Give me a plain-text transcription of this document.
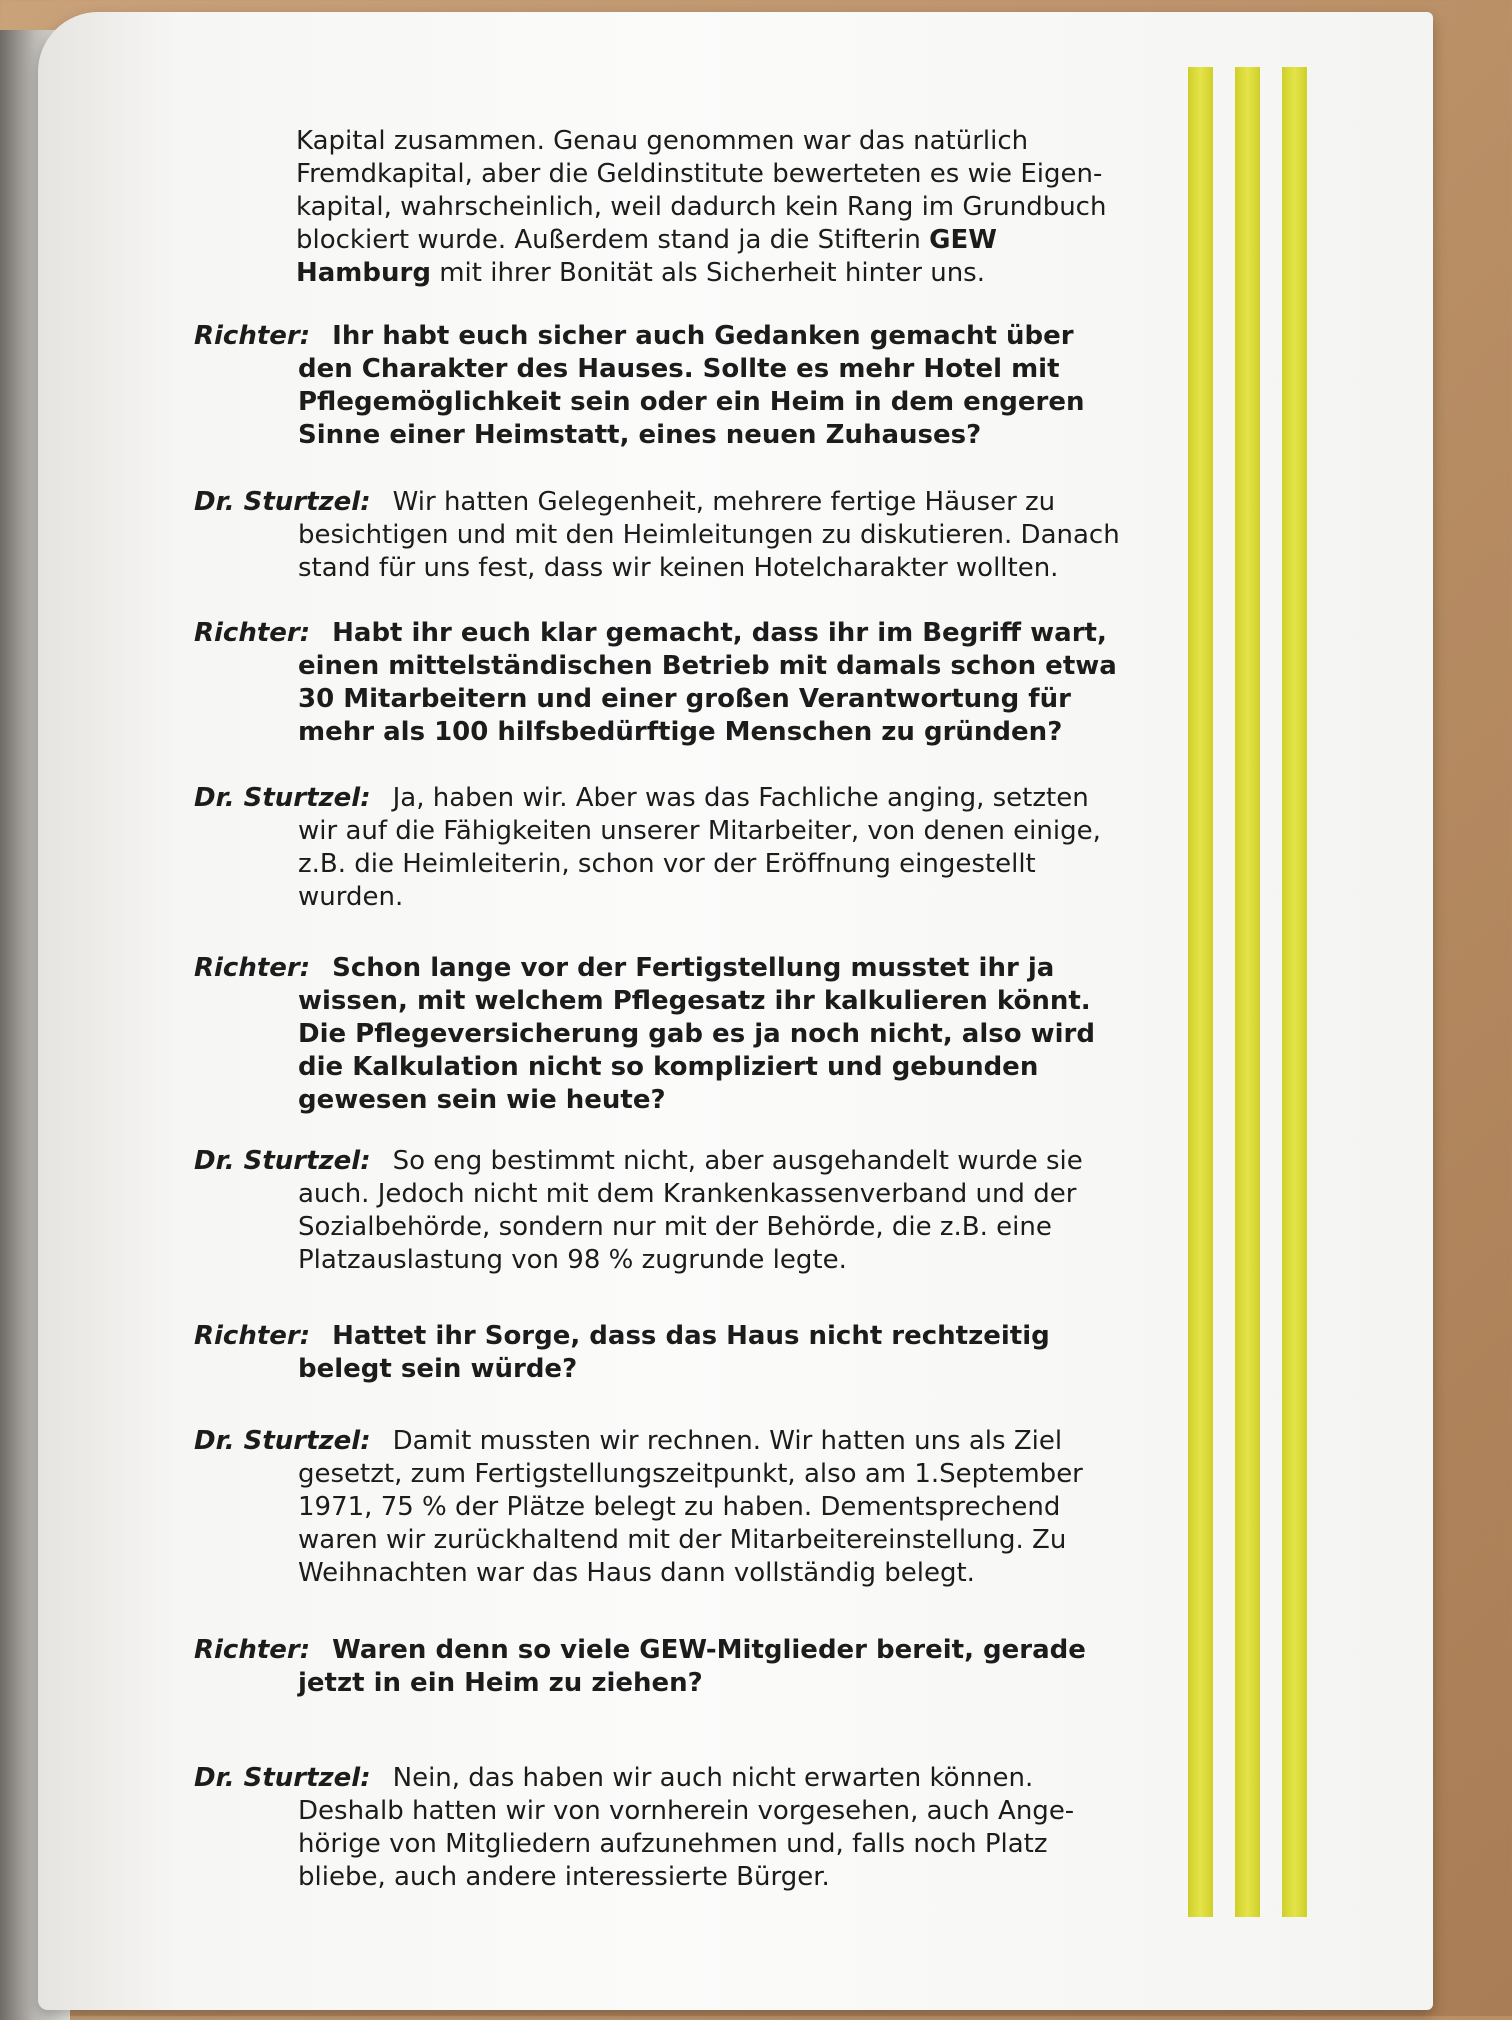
Kapital zusammen. Genau genommen war das natürlich
Fremdkapital, aber die Geldinstitute bewerteten es wie Eigen-
kapital, wahrscheinlich, weil dadurch kein Rang im Grundbuch
blockiert wurde. Außerdem stand ja die Stifterin GEW
Hamburg mit ihrer Bonität als Sicherheit hinter uns.
Richter: Ihr habt euch sicher auch Gedanken gemacht über
den Charakter des Hauses. Sollte es mehr Hotel mit
Pflegemöglichkeit sein oder ein Heim in dem engeren
Sinne einer Heimstatt, eines neuen Zuhauses?
Dr. Sturtzel: Wir hatten Gelegenheit, mehrere fertige Häuser zu
besichtigen und mit den Heimleitungen zu diskutieren. Danach
stand für uns fest, dass wir keinen Hotelcharakter wollten.
Richter: Habt ihr euch klar gemacht, dass ihr im Begriff wart,
einen mittelständischen Betrieb mit damals schon etwa
30 Mitarbeitern und einer großen Verantwortung für
mehr als 100 hilfsbedürftige Menschen zu gründen?
Dr. Sturtzel: Ja, haben wir. Aber was das Fachliche anging, setzten
wir auf die Fähigkeiten unserer Mitarbeiter, von denen einige,
z.B. die Heimleiterin, schon vor der Eröffnung eingestellt
wurden.
Richter: Schon lange vor der Fertigstellung musstet ihr ja
wissen, mit welchem Pflegesatz ihr kalkulieren könnt.
Die Pflegeversicherung gab es ja noch nicht, also wird
die Kalkulation nicht so kompliziert und gebunden
gewesen sein wie heute?
Dr. Sturtzel: So eng bestimmt nicht, aber ausgehandelt wurde sie
auch. Jedoch nicht mit dem Krankenkassenverband und der
Sozialbehörde, sondern nur mit der Behörde, die z.B. eine
Platzauslastung von 98 % zugrunde legte.
Richter: Hattet ihr Sorge, dass das Haus nicht rechtzeitig
belegt sein würde?
Dr. Sturtzel: Damit mussten wir rechnen. Wir hatten uns als Ziel
gesetzt, zum Fertigstellungszeitpunkt, also am 1.September
1971, 75 % der Plätze belegt zu haben. Dementsprechend
waren wir zurückhaltend mit der Mitarbeitereinstellung. Zu
Weihnachten war das Haus dann vollständig belegt.
Richter: Waren denn so viele GEW-Mitglieder bereit, gerade
jetzt in ein Heim zu ziehen?
Dr. Sturtzel: Nein, das haben wir auch nicht erwarten können.
Deshalb hatten wir von vornherein vorgesehen, auch Ange-
hörige von Mitgliedern aufzunehmen und, falls noch Platz
bliebe, auch andere interessierte Bürger.
